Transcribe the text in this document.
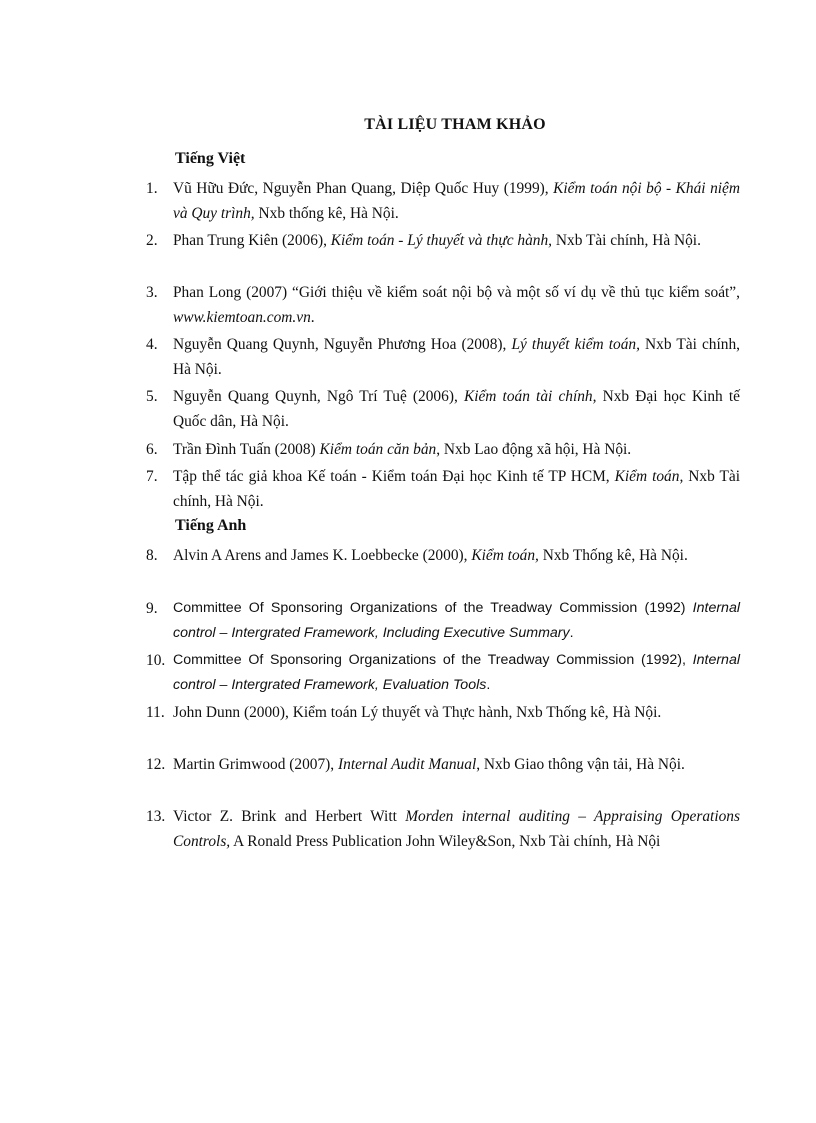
TÀI LIỆU THAM KHẢO
Tiếng Việt
1.	Vũ Hữu Đức, Nguyễn Phan Quang, Diệp Quốc Huy (1999), Kiểm toán nội bộ - Khái niệm và Quy trình, Nxb thống kê, Hà Nội.
2.	Phan Trung Kiên (2006), Kiểm toán - Lý thuyết và thực hành, Nxb Tài chính, Hà Nội.
3.	Phan Long (2007) “Giới thiệu về kiểm soát nội bộ và một số ví dụ về thủ tục kiểm soát”, www.kiemtoan.com.vn.
4.	Nguyễn Quang Quynh, Nguyễn Phương Hoa (2008), Lý thuyết kiểm toán, Nxb Tài chính, Hà Nội.
5.	Nguyễn Quang Quynh, Ngô Trí Tuệ (2006), Kiểm toán tài chính, Nxb Đại học Kinh tế Quốc dân, Hà Nội.
6.	Trần Đình Tuấn (2008) Kiểm toán căn bản, Nxb Lao động xã hội, Hà Nội.
7.	Tập thể tác giả khoa Kế toán - Kiểm toán Đại học Kinh tế TP HCM, Kiểm toán, Nxb Tài chính, Hà Nội.
Tiếng Anh
8.	Alvin A Arens and James K. Loebbecke (2000), Kiểm toán, Nxb Thống kê, Hà Nội.
9.	Committee Of Sponsoring Organizations of the Treadway Commission (1992) Internal control – Intergrated Framework, Including Executive Summary.
10. Committee Of Sponsoring Organizations of the Treadway Commission (1992), Internal control – Intergrated Framework, Evaluation Tools.
11. John Dunn (2000), Kiểm toán Lý thuyết và Thực hành, Nxb Thống kê, Hà Nội.
12. Martin Grimwood (2007), Internal Audit Manual, Nxb Giao thông vận tải, Hà Nội.
13. Victor Z. Brink and Herbert Witt Morden internal auditing – Appraising Operations Controls, A Ronald Press Publication John Wiley&Son, Nxb Tài chính, Hà Nội
